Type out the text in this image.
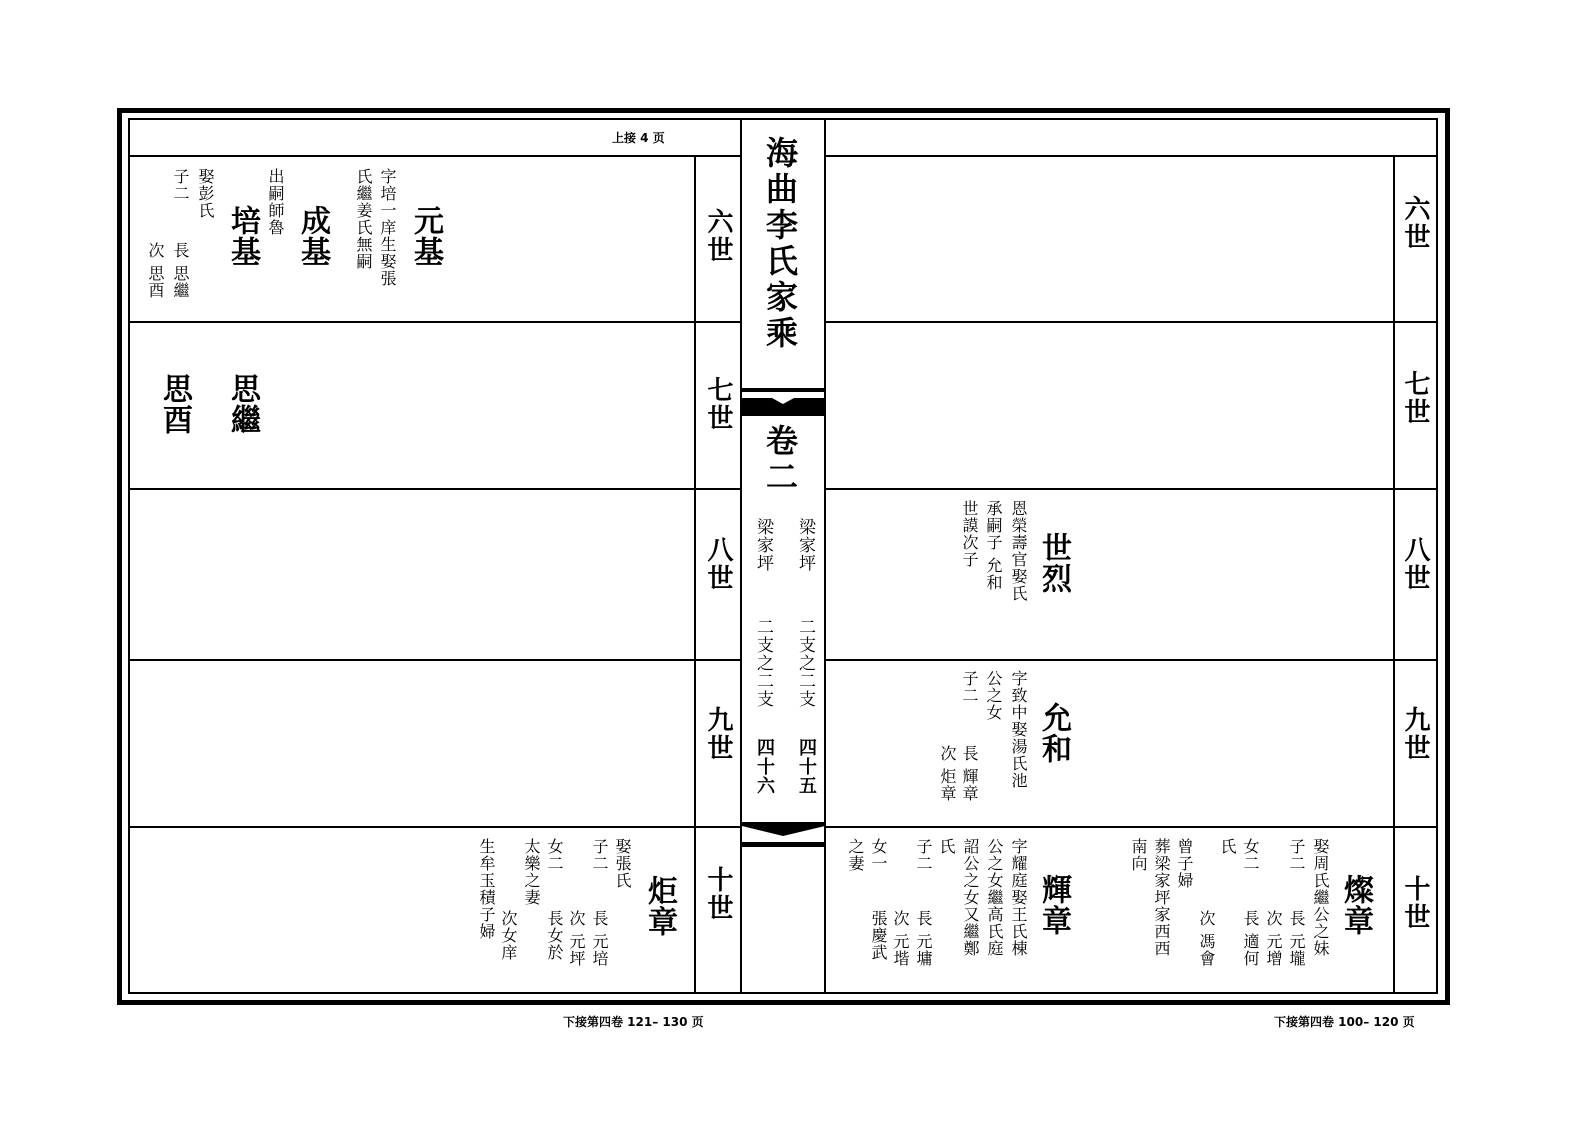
海曲李氏家乘
卷二
梁家坪
二支之二支
四十五
梁家坪
二支之二支
四十六
上接 4 页
下接第四卷 121– 130 页	下接第四卷 100– 120 页
六世
七世
八世
九世
十世
六世
七世
八世
九世
十世
元基
字培一庠生娶張
氏繼姜氏無嗣
成基
出嗣師魯
培基
娶彭氏
子二
長 思繼
次 思酉
思繼
思酉
炬章
娶張氏
子二
長 元培
次 元坪
女二
長女於
太樂之妻
次女庠
生牟玉積子婦
世烈
恩榮壽官娶氏
承嗣子 允和
世謨次子
允和
字致中娶湯氏池
公之女
子二
長 輝章
次 炬章
輝章
字耀庭娶王氏棟
公之女繼高氏庭
詔公之女又繼鄭
氏
子二
長 元墉
次 元堦
張慶武
女一
之妻
燦章
娶周氏繼公之妹
子二
長 元壠
次 元增
女二
長 適何
氏
曾子婦
次 馮會
葬梁家坪家西西
南向
